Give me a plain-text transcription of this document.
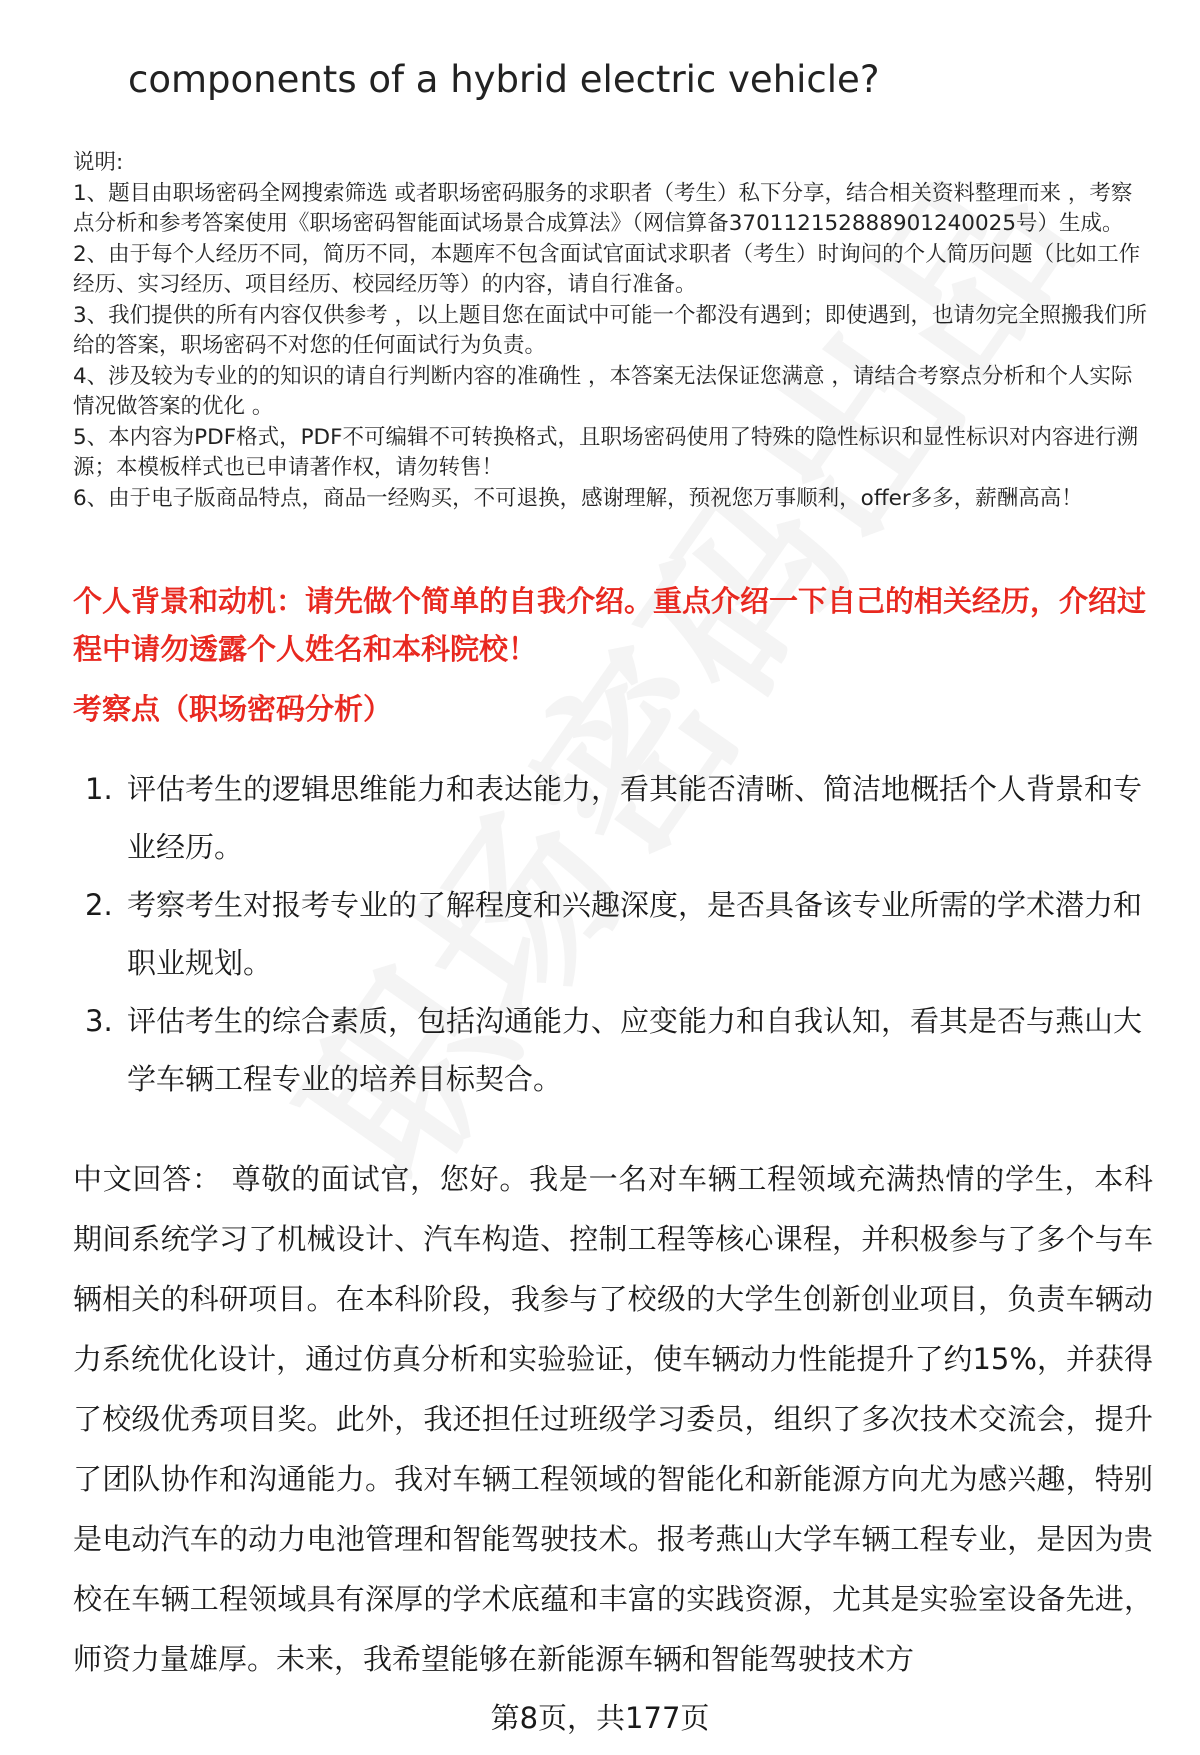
components of a hybrid electric vehicle?

说明:

1、题目由职场密码全网搜索筛选 或者职场密码服务的求职者（考生）私下分享，结合相关资料整理而来 ，考察点分析和参考答案使用《职场密码智能面试场景合成算法》（网信算备370112152888901240025号）生成。

2、由于每个人经历不同，简历不同，本题库不包含面试官面试求职者（考生）时询问的个人简历问题（比如工作经历、实习经历、项目经历、校园经历等）的内容，请自行准备。

3、我们提供的所有内容仅供参考 ，以上题目您在面试中可能一个都没有遇到；即使遇到，也请勿完全照搬我们所给的答案，职场密码不对您的任何面试行为负责。

4、涉及较为专业的的知识的请自行判断内容的准确性 ，本答案无法保证您满意 ，请结合考察点分析和个人实际情况做答案的优化 。

5、本内容为PDF格式，PDF不可编辑不可转换格式，且职场密码使用了特殊的隐性标识和显性标识对内容进行溯源；本模板样式也已申请著作权，请勿转售！

6、由于电子版商品特点，商品一经购买，不可退换，感谢理解，预祝您万事顺利，offer多多，薪酬高高！

个人背景和动机：请先做个简单的自我介绍。重点介绍一下自己的相关经历，介绍过程中请勿透露个人姓名和本科院校！
考察点（职场密码分析）
1. 评估考生的逻辑思维能力和表达能力，看其能否清晰、简洁地概括个人背景和专业经历。
2. 考察考生对报考专业的了解程度和兴趣深度，是否具备该专业所需的学术潜力和职业规划。
3. 评估考生的综合素质，包括沟通能力、应变能力和自我认知，看其是否与燕山大学车辆工程专业的培养目标契合。
中文回答： 尊敬的面试官，您好。我是一名对车辆工程领域充满热情的学生，本科期间系统学习了机械设计、汽车构造、控制工程等核心课程，并积极参与了多个与车辆相关的科研项目。在本科阶段，我参与了校级的大学生创新创业项目，负责车辆动力系统优化设计，通过仿真分析和实验验证，使车辆动力性能提升了约15%，并获得了校级优秀项目奖。此外，我还担任过班级学习委员，组织了多次技术交流会，提升了团队协作和沟通能力。我对车辆工程领域的智能化和新能源方向尤为感兴趣，特别是电动汽车的动力电池管理和智能驾驶技术。报考燕山大学车辆工程专业，是因为贵校在车辆工程领域具有深厚的学术底蕴和丰富的实践资源，尤其是实验室设备先进，师资力量雄厚。未来，我希望能够在新能源车辆和智能驾驶技术方
第8页，共177页
